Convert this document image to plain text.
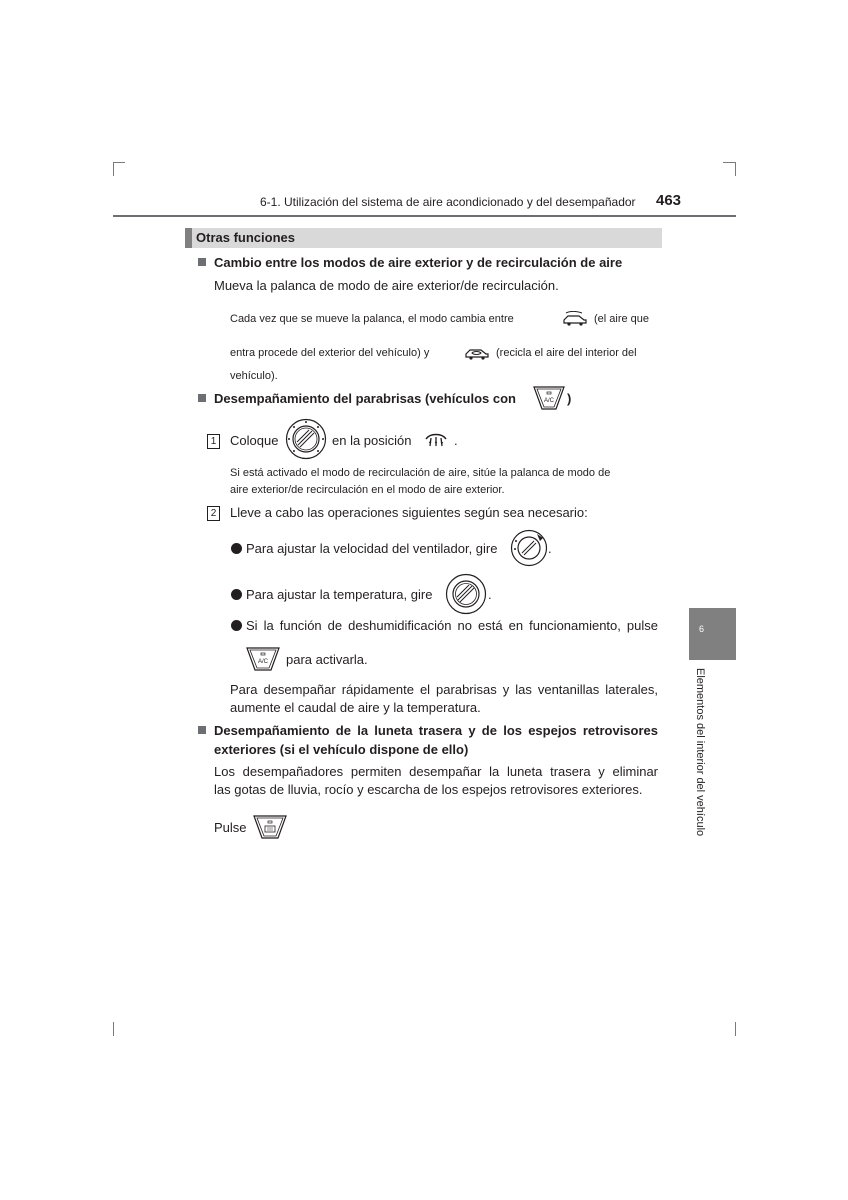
6-1. Utilización del sistema de aire acondicionado y del desempañador 463
6
Elementos del interior del vehículo
Otras funciones
Cambio entre los modos de aire exterior y de recirculación de aire
Mueva la palanca de modo de aire exterior/de recirculación.
Cada vez que se mueve la palanca, el modo cambia entre	(el aire que
entra procede del exterior del vehículo) y	(recicla el aire del interior del
vehículo).
Desempañamiento del parabrisas (vehículos con	A/C )
1 Coloque	en la posición	.
Si está activado el modo de recirculación de aire, sitúe la palanca de modo de
aire exterior/de recirculación en el modo de aire exterior.
2 Lleve a cabo las operaciones siguientes según sea necesario:
Para ajustar la velocidad del ventilador, gire	.
Para ajustar la temperatura, gire	.
Si la función de deshumidificación no está en funcionamiento, pulse
A/C para activarla.
Para desempañar rápidamente el parabrisas y las ventanillas laterales,
aumente el caudal de aire y la temperatura.
Desempañamiento de la luneta trasera y de los espejos retrovisores
exteriores (si el vehículo dispone de ello)
Los desempañadores permiten desempañar la luneta trasera y eliminar
las gotas de lluvia, rocío y escarcha de los espejos retrovisores exteriores.
Pulse
